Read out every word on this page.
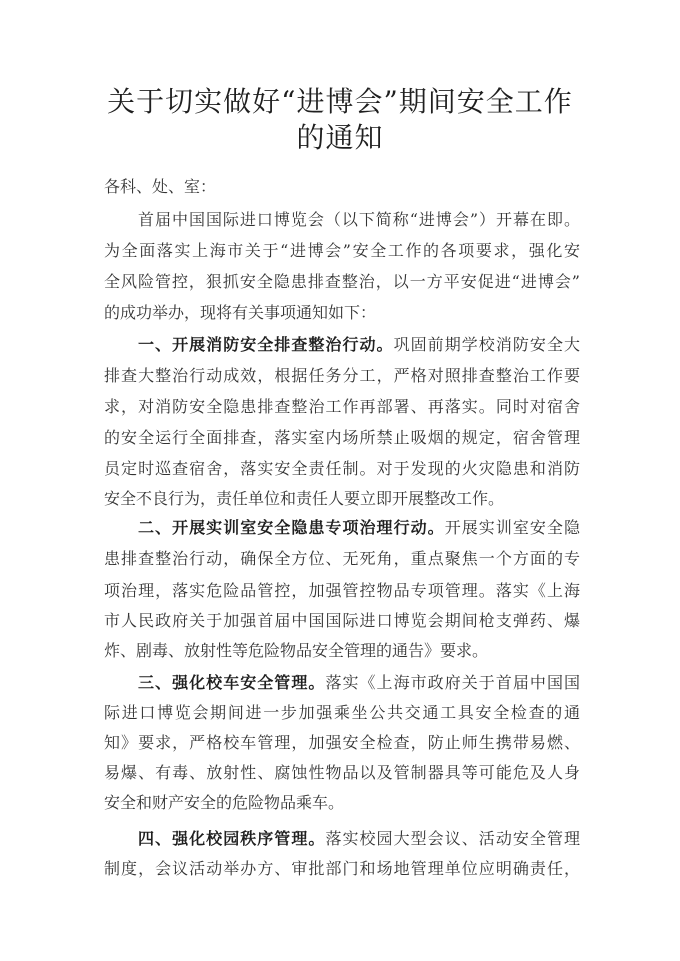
关于切实做好“进博会”期间安全工作
的通知

各科、处、室：

首届中国国际进口博览会（以下简称“进博会”）开幕在即。

为全面落实上海市关于“进博会”安全工作的各项要求，强化安

全风险管控，狠抓安全隐患排查整治，以一方平安促进“进博会”

的成功举办，现将有关事项通知如下：

一、开展消防安全排查整治行动。巩固前期学校消防安全大

排查大整治行动成效，根据任务分工，严格对照排查整治工作要

求，对消防安全隐患排查整治工作再部署、再落实。同时对宿舍

的安全运行全面排查，落实室内场所禁止吸烟的规定，宿舍管理

员定时巡查宿舍，落实安全责任制。对于发现的火灾隐患和消防

安全不良行为，责任单位和责任人要立即开展整改工作。

二、开展实训室安全隐患专项治理行动。开展实训室安全隐

患排查整治行动，确保全方位、无死角，重点聚焦一个方面的专

项治理，落实危险品管控，加强管控物品专项管理。落实《上海

市人民政府关于加强首届中国国际进口博览会期间枪支弹药、爆

炸、剧毒、放射性等危险物品安全管理的通告》要求。

三、强化校车安全管理。落实《上海市政府关于首届中国国

际进口博览会期间进一步加强乘坐公共交通工具安全检查的通

知》要求，严格校车管理，加强安全检查，防止师生携带易燃、

易爆、有毒、放射性、腐蚀性物品以及管制器具等可能危及人身

安全和财产安全的危险物品乘车。

四、强化校园秩序管理。落实校园大型会议、活动安全管理

制度，会议活动举办方、审批部门和场地管理单位应明确责任，
